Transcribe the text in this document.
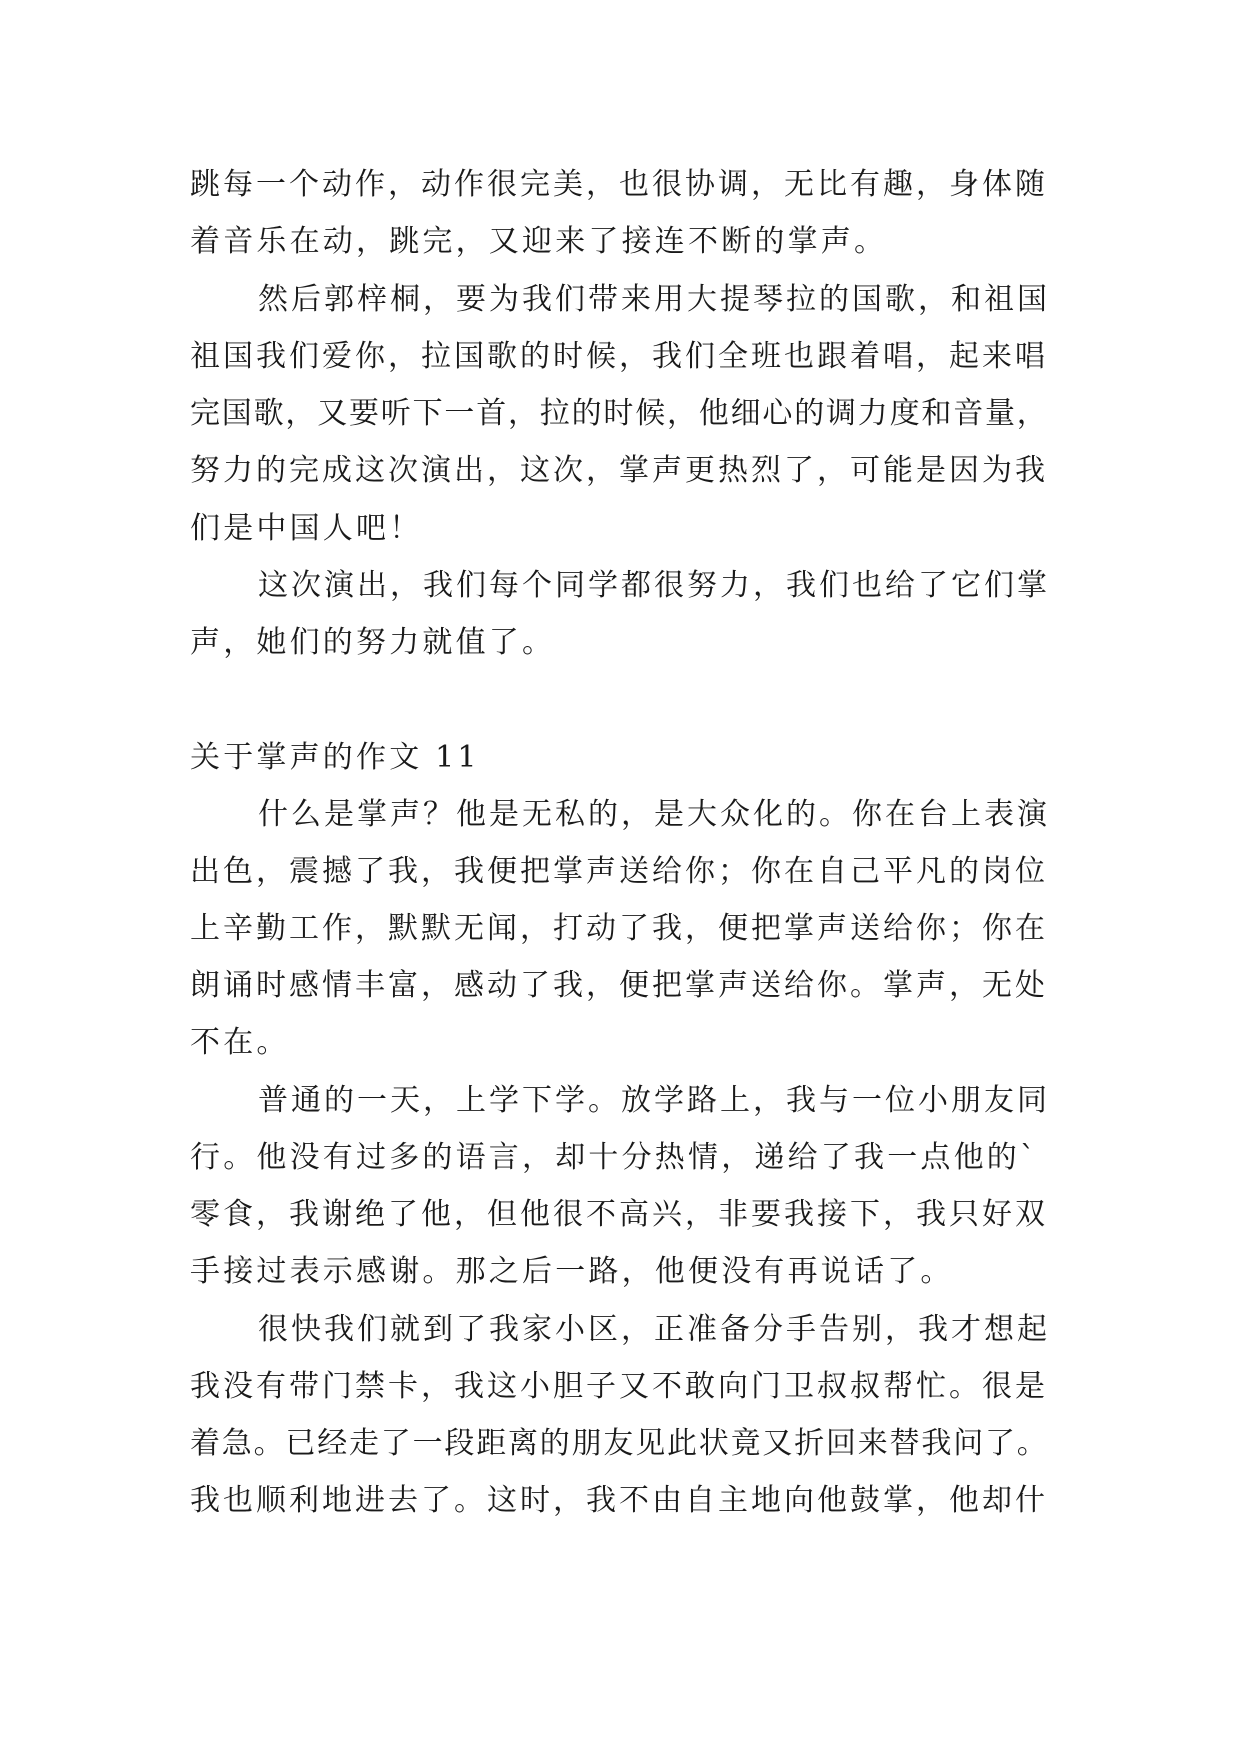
跳每一个动作，动作很完美，也很协调，无比有趣，身体随
着音乐在动，跳完，又迎来了接连不断的掌声。
然后郭梓桐，要为我们带来用大提琴拉的国歌，和祖国
祖国我们爱你，拉国歌的时候，我们全班也跟着唱，起来唱
完国歌，又要听下一首，拉的时候，他细心的调力度和音量，
努力的完成这次演出，这次，掌声更热烈了，可能是因为我
们是中国人吧！
这次演出，我们每个同学都很努力，我们也给了它们掌
声，她们的努力就值了。
关于掌声的作文 11
什么是掌声？他是无私的，是大众化的。你在台上表演
出色，震撼了我，我便把掌声送给你；你在自己平凡的岗位
上辛勤工作，默默无闻，打动了我，便把掌声送给你；你在
朗诵时感情丰富，感动了我，便把掌声送给你。掌声，无处
不在。
普通的一天，上学下学。放学路上，我与一位小朋友同
行。他没有过多的语言，却十分热情，递给了我一点他的`
零食，我谢绝了他，但他很不高兴，非要我接下，我只好双
手接过表示感谢。那之后一路，他便没有再说话了。
很快我们就到了我家小区，正准备分手告别，我才想起
我没有带门禁卡，我这小胆子又不敢向门卫叔叔帮忙。很是
着急。已经走了一段距离的朋友见此状竟又折回来替我问了。
我也顺利地进去了。这时，我不由自主地向他鼓掌，他却什
